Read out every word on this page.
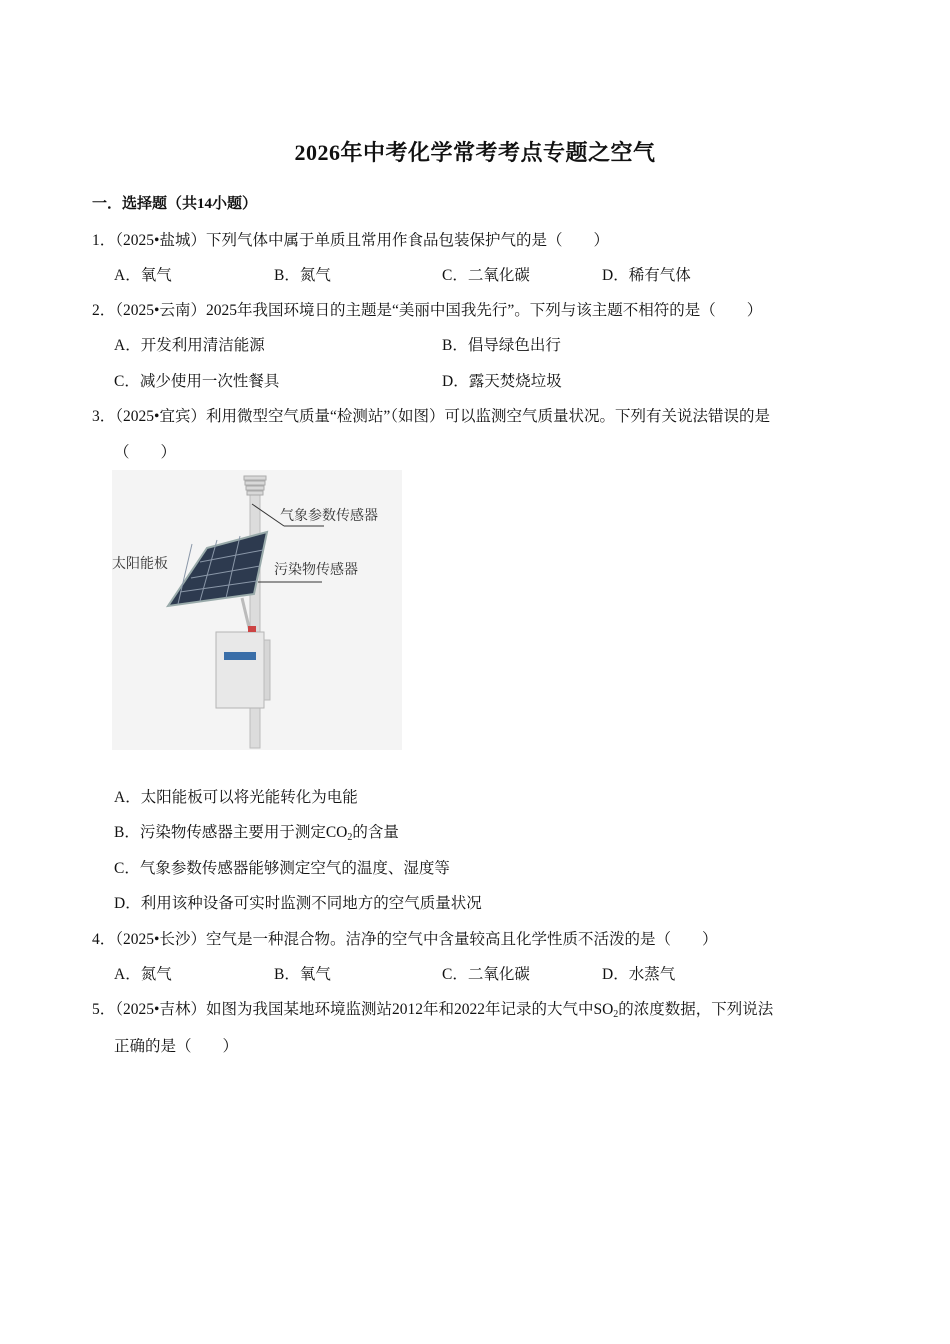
2026年中考化学常考考点专题之空气
一．选择题（共14小题）
1．（2025•盐城）下列气体中属于单质且常用作食品包装保护气的是（　　）
A．氧气	B．氮气	C．二氧化碳	D．稀有气体
2．（2025•云南）2025年我国环境日的主题是“美丽中国我先行”。下列与该主题不相符的是（　　）
A．开发利用清洁能源	B．倡导绿色出行
C．减少使用一次性餐具	D．露天焚烧垃圾
3．（2025•宜宾）利用微型空气质量“检测站”（如图）可以监测空气质量状况。下列有关说法错误的是
（　　）
气象参数传感器
太阳能板	污染物传感器
A．太阳能板可以将光能转化为电能
B．污染物传感器主要用于测定$CO_2$的含量
C．气象参数传感器能够测定空气的温度、湿度等
D．利用该种设备可实时监测不同地方的空气质量状况
4．（2025•长沙）空气是一种混合物。洁净的空气中含量较高且化学性质不活泼的是（　　）
A．氮气	B．氧气	C．二氧化碳	D．水蒸气
5．（2025•吉林）如图为我国某地环境监测站2012年和2022年记录的大气中$SO_2$的浓度数据，下列说法
正确的是（　　）
